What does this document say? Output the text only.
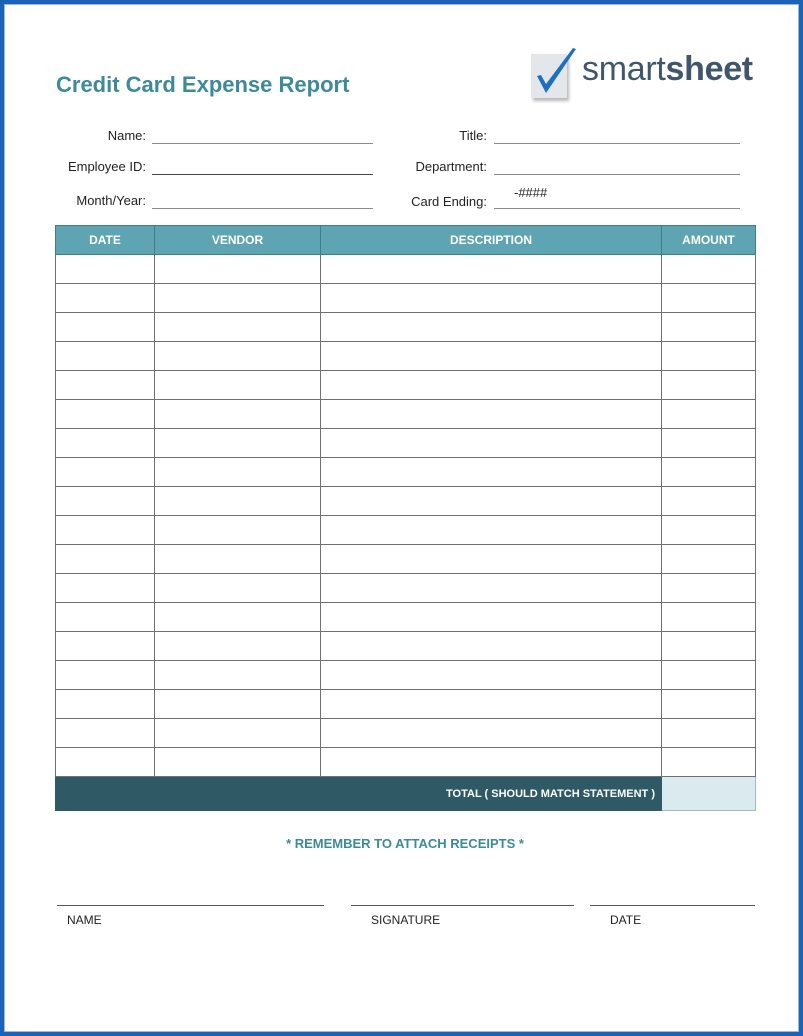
Credit Card Expense Report	smartsheet
Name:
Employee ID:
Month/Year:
Title:
Department:
Card Ending:
-####
DATE	VENDOR	DESCRIPTION	AMOUNT

TOTAL ( SHOULD MATCH STATEMENT )			
* REMEMBER TO ATTACH RECEIPTS *
NAME	SIGNATURE	DATE
